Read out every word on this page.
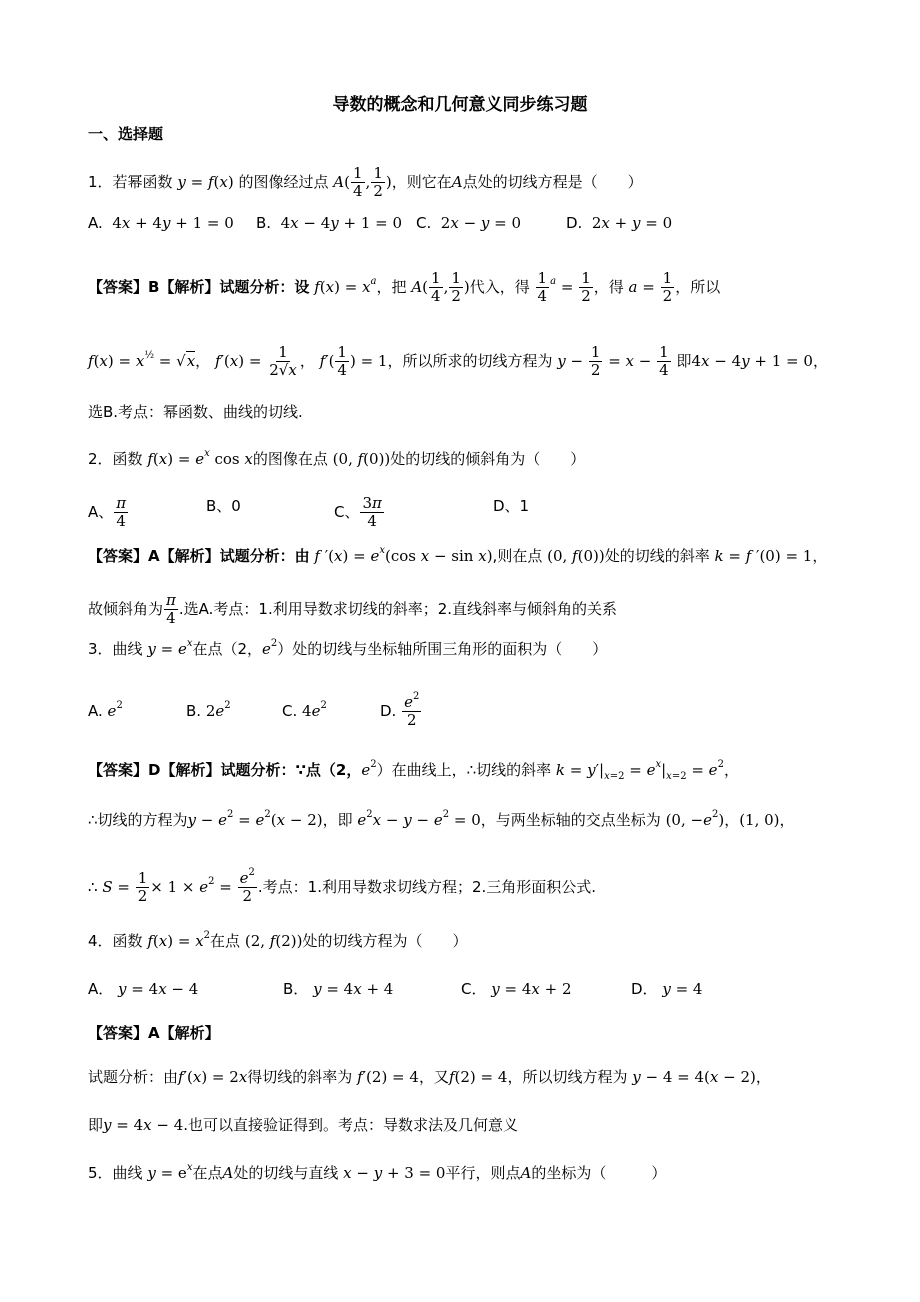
导数的概念和几何意义同步练习题
一、选择题
1．若幂函数 y = f(x) 的图像经过点 $A( \frac{1}{4}$ , $\frac{1}{2}$ )，则它在A点处的切线方程是（　　）
A. 4x + 4y + 1 = 0 B. 4x − 4y + 1 = 0 C. 2x − y = 0	D. 2x + y = 0
【答案】B【解析】试题分析：设 $f(x) = x^a$，把 $A( \frac{1}{4}$ , $\frac{1}{2}$ )代入，得 $\frac{1}{4} ^a = \frac{1}{2}$ ，得 $a = \frac{1}{2}$ ，所以
$f(x) = x^{\frac{1}{2}} = √x$， $f'(x) = \frac{1}{2√x}$ ， $f'( \frac{1}{4}$ ) = 1，所以所求的切线方程为 $y - \frac{1}{2} = x - \frac{1}{4}$ 即4x − 4y + 1 = 0，
选B.考点：幂函数、曲线的切线.
2．函数 $f(x) = e^x$ cos x的图像在点 (0, f(0))处的切线的倾斜角为（　　）
A、 $\frac{\pi}{4}$	B、0	C、 $\frac{3\pi}{4}$	D、1
【答案】A【解析】试题分析：由 f $'(x) = e^x(\cos$ x − sin x),则在点 (0, f(0))处的切线的斜率 k = f ′(0) = 1，
故倾斜角为 $\frac{\pi}{4}$ .选A.考点：1.利用导数求切线的斜率；2.直线斜率与倾斜角的关系
3．曲线 $y = e^x$在点（2，$e^2$）处的切线与坐标轴所围三角形的面积为（　　）
A. $e^2$	B. $2e^2$	C. $4e^2$	D. $\frac{e^2}{2}$
【答案】D【解析】试题分析：∵点（2，$e^2$）在曲线上，∴切线的斜率 $k = y'|_{x=2} = e^x|_{x=2} = e^2$，
∴切线的方程为$y - e^2 = e^2(x - 2)$，即 $e^2x - y - e^2 = 0$，与两坐标轴的交点坐标为 (0, $-e^2$)，(1, 0)，
∴ $S = \frac{1}{2} \times 1 \times e^2 = \frac{e^2}{2}$ .考点：1.利用导数求切线方程；2.三角形面积公式.
4．函数 $f(x) = x^2$在点 (2, f(2))处的切线方程为（　　）
A． y = 4x − 4	B． y = 4x + 4	C． y = 4x + 2	D． y = 4
【答案】A【解析】
试题分析：由f′(x) = 2x得切线的斜率为 f′(2) = 4，又f(2) = 4，所以切线方程为 y − 4 = 4(x − 2)，
即y = 4x − 4.也可以直接验证得到。考点：导数求法及几何意义
5．曲线 $y = e^x$在点A处的切线与直线 x − y + 3 = 0平行，则点A的坐标为（　　　）
